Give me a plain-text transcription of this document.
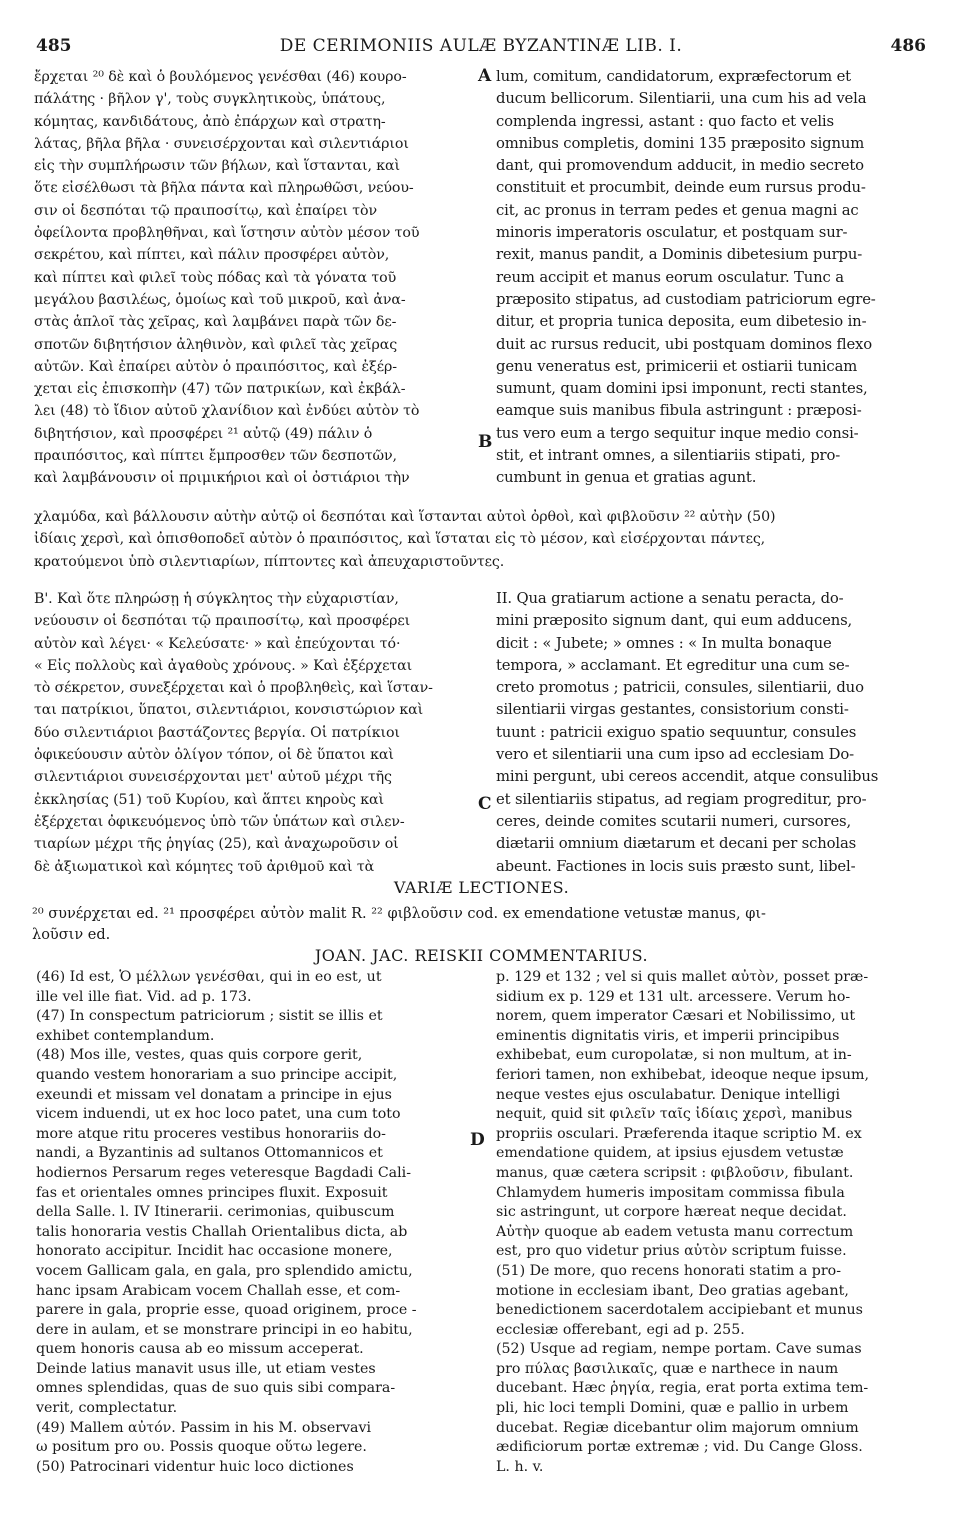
485	DE CERIMONIIS AULÆ BYZANTINÆ LIB. I.	486
ἔρχεται ²⁰ δὲ καὶ ὁ βουλόμενος γενέσθαι (46) κουρο-
πάλάτης · βῆλον γ', τοὺς συγκλητικοὺς, ὑπάτους,
κόμητας, κανδιδάτους, ἀπὸ ἐπάρχων καὶ στρατη-
λάτας, βῆλα βῆλα · συνεισέρχονται καὶ σιλεντιάριοι
εἰς τὴν συμπλήρωσιν τῶν βήλων, καὶ ἵστανται, καὶ
ὅτε εἰσέλθωσι τὰ βῆλα πάντα καὶ πληρωθῶσι, νεύου-
σιν οἱ δεσπόται τῷ πραιποσίτῳ, καὶ ἐπαίρει τὸν
ὀφείλοντα προβληθῆναι, καὶ ἵστησιν αὐτὸν μέσον τοῦ
σεκρέτου, καὶ πίπτει, καὶ πάλιν προσφέρει αὐτὸν,
καὶ πίπτει καὶ φιλεῖ τοὺς πόδας καὶ τὰ γόνατα τοῦ
μεγάλου βασιλέως, ὁμοίως καὶ τοῦ μικροῦ, καὶ ἀνα-
στὰς ἁπλοῖ τὰς χεῖρας, καὶ λαμβάνει παρὰ τῶν δε-
σποτῶν διβητήσιον ἀληθινὸν, καὶ φιλεῖ τὰς χεῖρας
αὐτῶν. Καὶ ἐπαίρει αὐτὸν ὁ πραιπόσιτος, καὶ ἐξέρ-
χεται εἰς ἐπισκοπὴν (47) τῶν πατρικίων, καὶ ἐκβάλ-
λει (48) τὸ ἴδιον αὐτοῦ χλανίδιον καὶ ἐνδύει αὐτὸν τὸ
διβητήσιον, καὶ προσφέρει ²¹ αὐτῷ (49) πάλιν ὁ
πραιπόσιτος, καὶ πίπτει ἔμπροσθεν τῶν δεσποτῶν,
καὶ λαμβάνουσιν οἱ πριμικήριοι καὶ οἱ ὀστιάριοι τὴν
lum, comitum, candidatorum, expræfectorum et
ducum bellicorum. Silentiarii, una cum his ad vela
complenda ingressi, astant : quo facto et velis
omnibus completis, domini 135 præposito signum
dant, qui promovendum adducit, in medio secreto
constituit et procumbit, deinde eum rursus produ-
cit, ac pronus in terram pedes et genua magni ac
minoris imperatoris osculatur, et postquam sur-
rexit, manus pandit, a Dominis dibetesium purpu-
reum accipit et manus eorum osculatur. Tunc a
præposito stipatus, ad custodiam patriciorum egre-
ditur, et propria tunica deposita, eum dibetesio in-
duit ac rursus reducit, ubi postquam dominos flexo
genu veneratus est, primicerii et ostiarii tunicam
sumunt, quam domini ipsi imponunt, recti stantes,
eamque suis manibus fibula astringunt : præposi-
tus vero eum a tergo sequitur inque medio consi-
stit, et intrant omnes, a silentiariis stipati, pro-
cumbunt in genua et gratias agunt.
A
B
C
D
χλαμύδα, καὶ βάλλουσιν αὐτὴν αὐτῷ οἱ δεσπόται καὶ ἵστανται αὐτοὶ ὀρθοὶ, καὶ φιβλοῦσιν ²² αὐτὴν (50)
ἰδίαις χερσὶ, καὶ ὀπισθοποδεῖ αὐτὸν ὁ πραιπόσιτος, καὶ ἵσταται εἰς τὸ μέσον, καὶ εἰσέρχονται πάντες,
κρατούμενοι ὑπὸ σιλεντιαρίων, πίπτοντες καὶ ἀπευχαριστοῦντες.
Β'. Καὶ ὅτε πληρώσῃ ἡ σύγκλητος τὴν εὐχαριστίαν,
νεύουσιν οἱ δεσπόται τῷ πραιποσίτῳ, καὶ προσφέρει
αὐτὸν καὶ λέγει· « Κελεύσατε· » καὶ ἐπεύχονται τό·
« Εἰς πολλοὺς καὶ ἀγαθοὺς χρόνους. » Καὶ ἐξέρχεται
τὸ σέκρετον, συνεξέρχεται καὶ ὁ προβληθεὶς, καὶ ἵσταν-
ται πατρίκιοι, ὕπατοι, σιλεντιάριοι, κονσιστώριον καὶ
δύο σιλεντιάριοι βαστάζοντες βεργία. Οἱ πατρίκιοι
ὀφικεύουσιν αὐτὸν ὀλίγον τόπον, οἱ δὲ ὕπατοι καὶ
σιλεντιάριοι συνεισέρχονται μετ' αὐτοῦ μέχρι τῆς
ἐκκλησίας (51) τοῦ Κυρίου, καὶ ἅπτει κηροὺς καὶ
ἐξέρχεται ὀφικευόμενος ὑπὸ τῶν ὑπάτων καὶ σιλεν-
τιαρίων μέχρι τῆς ῥηγίας (25), καὶ ἀναχωροῦσιν οἱ
δὲ ἀξιωματικοὶ καὶ κόμητες τοῦ ἀριθμοῦ καὶ τὰ
II. Qua gratiarum actione a senatu peracta, do-
mini præposito signum dant, qui eum adducens,
dicit : « Jubete; » omnes : « In multa bonaque
tempora, » acclamant. Et egreditur una cum se-
creto promotus ; patricii, consules, silentiarii, duo
silentiarii virgas gestantes, consistorium consti-
tuunt : patricii exiguo spatio sequuntur, consules
vero et silentiarii una cum ipso ad ecclesiam Do-
mini pergunt, ubi cereos accendit, atque consulibus
et silentiariis stipatus, ad regiam progreditur, pro-
ceres, deinde comites scutarii numeri, cursores,
diætarii omnium diætarum et decani per scholas
abeunt. Factiones in locis suis præsto sunt, libel-
VARIÆ LECTIONES.
²⁰ συνέρχεται ed. ²¹ προσφέρει αὐτὸν malit R. ²² φιβλοῦσιν cod. ex emendatione vetustæ manus, φι-
λοῦσιν ed.
JOAN. JAC. REISKII COMMENTARIUS.
(46) Id est, Ὁ μέλλων γενέσθαι, qui in eo est, ut
ille vel ille fiat. Vid. ad p. 173.
(47) In conspectum patriciorum ; sistit se illis et
exhibet contemplandum.
(48) Mos ille, vestes, quas quis corpore gerit,
quando vestem honorariam a suo principe accipit,
exeundi et missam vel donatam a principe in ejus
vicem induendi, ut ex hoc loco patet, una cum toto
more atque ritu proceres vestibus honorariis do-
nandi, a Byzantinis ad sultanos Ottomannicos et
hodiernos Persarum reges veteresque Bagdadi Cali-
fas et orientales omnes principes fluxit. Exposuit
della Salle. l. IV Itinerarii. cerimonias, quibuscum
talis honoraria vestis Challah Orientalibus dicta, ab
honorato accipitur. Incidit hac occasione monere,
vocem Gallicam gala, en gala, pro splendido amictu,
hanc ipsam Arabicam vocem Challah esse, et com-
parere in gala, proprie esse, quoad originem, proce -
dere in aulam, et se monstrare principi in eo habitu,
quem honoris causa ab eo missum acceperat.
Deinde latius manavit usus ille, ut etiam vestes
omnes splendidas, quas de suo quis sibi compara-
verit, complectatur.
(49) Mallem αὐτόν. Passim in his M. observavi
ω positum pro ου. Possis quoque οὕτω legere.
(50) Patrocinari videntur huic loco dictiones
p. 129 et 132 ; vel si quis mallet αὐτὸν, posset præ-
sidium ex p. 129 et 131 ult. arcessere. Verum ho-
norem, quem imperator Cæsari et Nobilissimo, ut
eminentis dignitatis viris, et imperii principibus
exhibebat, eum curopolatæ, si non multum, at in-
feriori tamen, non exhibebat, ideoque neque ipsum,
neque vestes ejus osculabatur. Denique intelligi
nequit, quid sit φιλεῖν ταῖς ἰδίαις χερσὶ, manibus
propriis osculari. Præferenda itaque scriptio M. ex
emendatione quidem, at ipsius ejusdem vetustæ
manus, quæ cætera scripsit : φιβλοῦσιν, fibulant.
Chlamydem humeris impositam commissa fibula
sic astringunt, ut corpore hæreat neque decidat.
Αὐτὴν quoque ab eadem vetusta manu correctum
est, pro quo videtur prius αὐτὸν scriptum fuisse.
(51) De more, quo recens honorati statim a pro-
motione in ecclesiam ibant, Deo gratias agebant,
benedictionem sacerdotalem accipiebant et munus
ecclesiæ offerebant, egi ad p. 255.
(52) Usque ad regiam, nempe portam. Cave sumas
pro πύλας βασιλικαῖς, quæ e narthece in naum
ducebant. Hæc ῥηγία, regia, erat porta extima tem-
pli, hic loci templi Domini, quæ e pallio in urbem
ducebat. Regiæ dicebantur olim majorum omnium
ædificiorum portæ extremæ ; vid. Du Cange Gloss.
L. h. v.
